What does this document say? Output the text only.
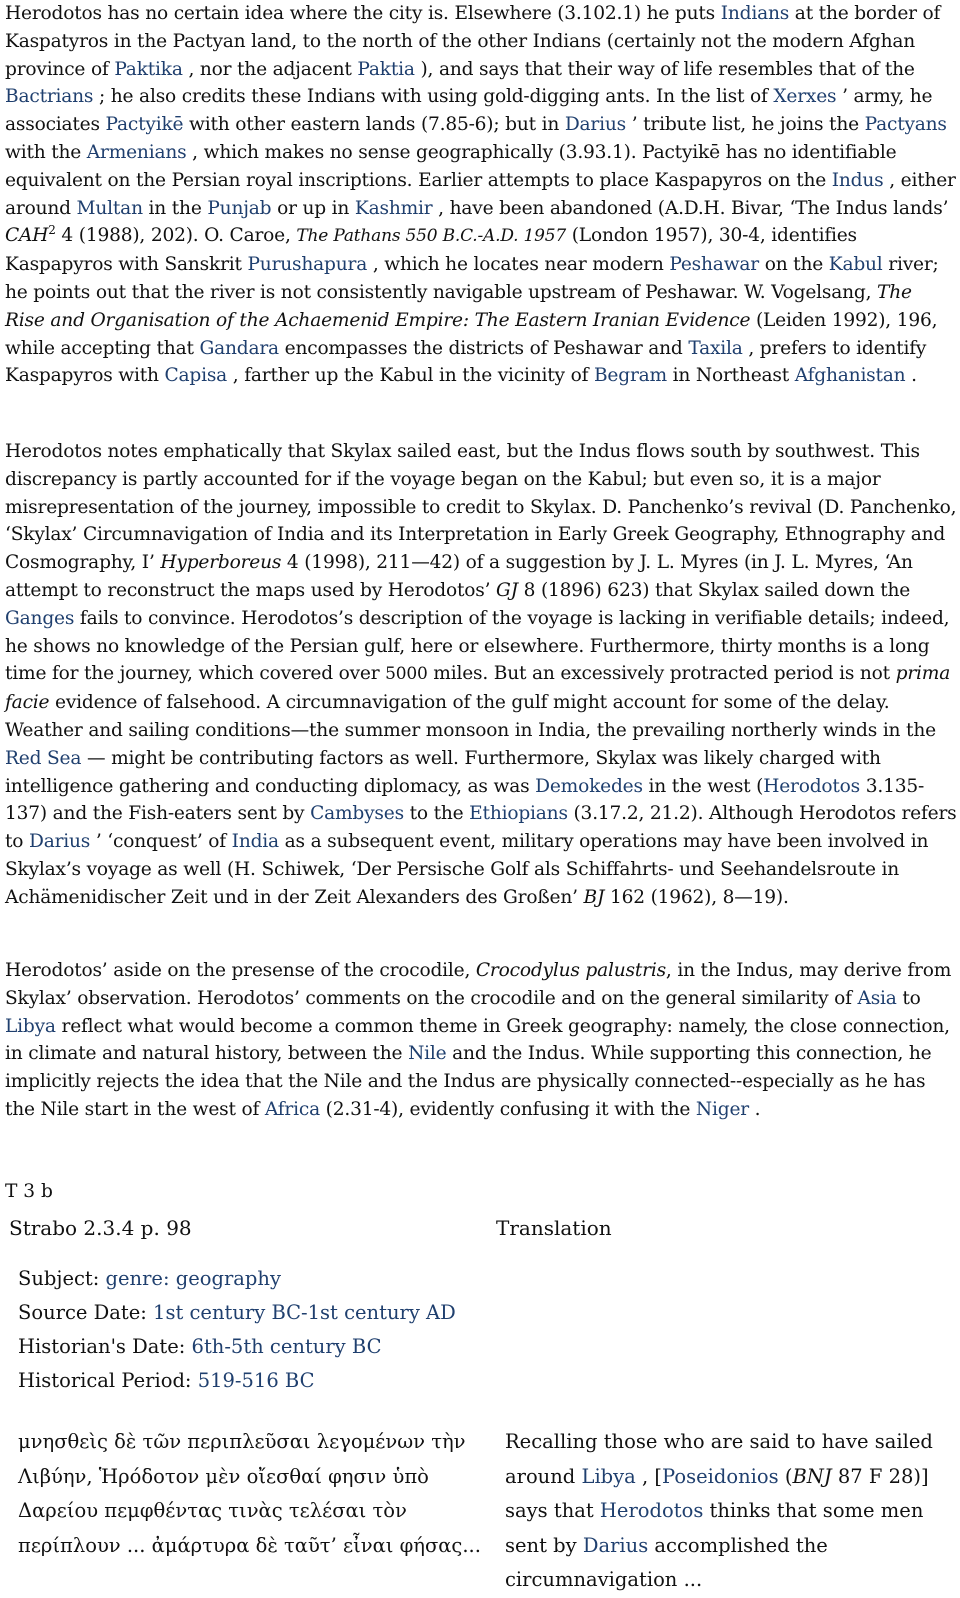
Herodotos has no certain idea where the city is. Elsewhere (3.102.1) he puts Indians at the border of Kaspatyros in the Pactyan land, to the north of the other Indians (certainly not the modern Afghan province of Paktika , nor the adjacent Paktia ), and says that their way of life resembles that of the Bactrians ; he also credits these Indians with using gold-digging ants. In the list of Xerxes ’ army, he associates Pactyikē with other eastern lands (7.85-6); but in Darius ’ tribute list, he joins the Pactyans with the Armenians , which makes no sense geographically (3.93.1). Pactyikē has no identifiable equivalent on the Persian royal inscriptions. Earlier attempts to place Kaspapyros on the Indus , either around Multan in the Punjab or up in Kashmir , have been abandoned (A.D.H. Bivar, ‘The Indus lands’ CAH$^2$ 4 (1988), 202). O. Caroe, The Pathans 550 B.C.-A.D. 1957 (London 1957), 30-4, identifies Kaspapyros with Sanskrit Purushapura , which he locates near modern Peshawar on the Kabul river; he points out that the river is not consistently navigable upstream of Peshawar. W. Vogelsang, The Rise and Organisation of the Achaemenid Empire: The Eastern Iranian Evidence (Leiden 1992), 196, while accepting that Gandara encompasses the districts of Peshawar and Taxila , prefers to identify Kaspapyros with Capisa , farther up the Kabul in the vicinity of Begram in Northeast Afghanistan .

Herodotos notes emphatically that Skylax sailed east, but the Indus flows south by southwest. This discrepancy is partly accounted for if the voyage began on the Kabul; but even so, it is a major misrepresentation of the journey, impossible to credit to Skylax. D. Panchenko’s revival (D. Panchenko, ‘Skylax’ Circumnavigation of India and its Interpretation in Early Greek Geography, Ethnography and Cosmography, I’ Hyperboreus 4 (1998), 211—42) of a suggestion by J. L. Myres (in J. L. Myres, ‘An attempt to reconstruct the maps used by Herodotos’ GJ 8 (1896) 623) that Skylax sailed down the Ganges fails to convince. Herodotos’s description of the voyage is lacking in verifiable details; indeed, he shows no knowledge of the Persian gulf, here or elsewhere. Furthermore, thirty months is a long time for the journey, which covered over 5000 miles. But an excessively protracted period is not prima facie evidence of falsehood. A circumnavigation of the gulf might account for some of the delay. Weather and sailing conditions—the summer monsoon in India, the prevailing northerly winds in the Red Sea — might be contributing factors as well. Furthermore, Skylax was likely charged with intelligence gathering and conducting diplomacy, as was Demokedes in the west (Herodotos 3.135-137) and the Fish-eaters sent by Cambyses to the Ethiopians (3.17.2, 21.2). Although Herodotos refers to Darius ’ ‘conquest’ of India as a subsequent event, military operations may have been involved in Skylax’s voyage as well (H. Schiwek, ‘Der Persische Golf als Schiffahrts- und Seehandelsroute in Achämenidischer Zeit und in der Zeit Alexanders des Großen’ BJ 162 (1962), 8—19).

Herodotos’ aside on the presense of the crocodile, Crocodylus palustris, in the Indus, may derive from Skylax’ observation. Herodotos’ comments on the crocodile and on the general similarity of Asia to Libya reflect what would become a common theme in Greek geography: namely, the close connection, in climate and natural history, between the Nile and the Indus. While supporting this connection, he implicitly rejects the idea that the Nile and the Indus are physically connected--especially as he has the Nile start in the west of Africa (2.31-4), evidently confusing it with the Niger .

T 3 b
Strabo 2.3.4 p. 98	Translation
Subject: genre: geography
Source Date: 1st century BC-1st century AD
Historian's Date: 6th-5th century BC
Historical Period: 519-516 BC
μνησθεὶς δὲ τῶν περιπλεῦσαι λεγομένων τὴν
Λιβύην, Ἡρόδοτον μὲν οἴεσθαί φησιν ὑπὸ
Δαρείου πεμφθέντας τινὰς τελέσαι τὸν
περίπλουν ... ἀμάρτυρα δὲ ταῦτ’ εἶναι φήσας...
Recalling those who are said to have sailed around Libya , [Poseidonios (BNJ 87 F 28)] says that Herodotos thinks that some men sent by Darius accomplished the circumnavigation ...
